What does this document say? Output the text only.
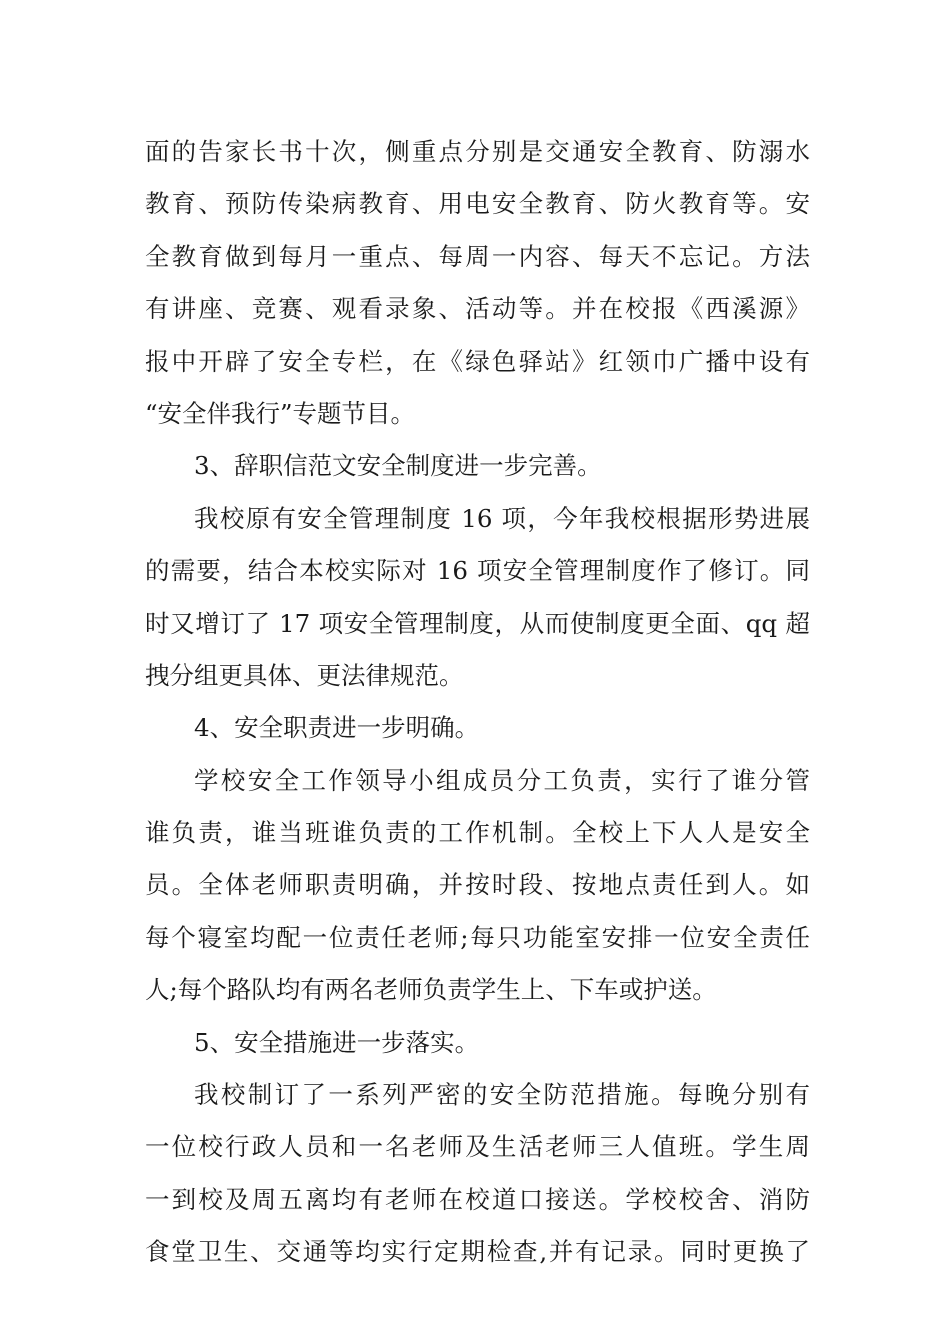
面的告家长书十次，侧重点分别是交通安全教育、防溺水
教育、预防传染病教育、用电安全教育、防火教育等。安
全教育做到每月一重点、每周一内容、每天不忘记。方法
有讲座、竞赛、观看录象、活动等。并在校报《西溪源》
报中开辟了安全专栏，在《绿色驿站》红领巾广播中设有
“安全伴我行”专题节目。
3、辞职信范文安全制度进一步完善。
我校原有安全管理制度 16 项，今年我校根据形势进展
的需要，结合本校实际对 16 项安全管理制度作了修订。同
时又增订了 17 项安全管理制度，从而使制度更全面、qq 超
拽分组更具体、更法律规范。
4、安全职责进一步明确。
学校安全工作领导小组成员分工负责，实行了谁分管
谁负责，谁当班谁负责的工作机制。全校上下人人是安全
员。全体老师职责明确，并按时段、按地点责任到人。如
每个寝室均配一位责任老师;每只功能室安排一位安全责任
人;每个路队均有两名老师负责学生上、下车或护送。
5、安全措施进一步落实。
我校制订了一系列严密的安全防范措施。每晚分别有
一位校行政人员和一名老师及生活老师三人值班。学生周
一到校及周五离均有老师在校道口接送。学校校舍、消防
食堂卫生、交通等均实行定期检查,并有记录。同时更换了
